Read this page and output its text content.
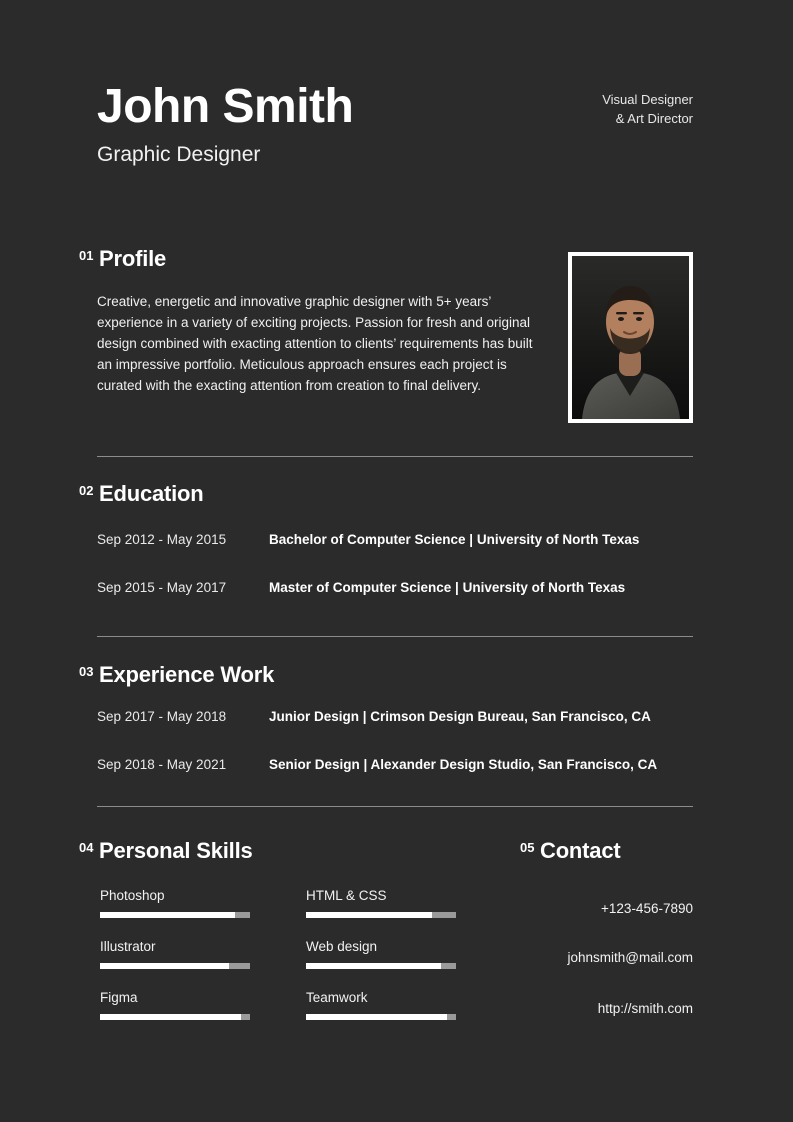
John Smith
Graphic Designer
Visual Designer
& Art Director
01 Profile
Creative, energetic and innovative graphic designer with 5+ years’ experience in a variety of exciting projects. Passion for fresh and original design combined with exacting attention to clients’ requirements has built an impressive portfolio. Meticulous approach ensures each project is curated with the exacting attention from creation to final delivery.
02 Education
Sep 2012 - May 2015	Bachelor of Computer Science | University of North Texas
Sep 2015 - May 2017	Master of Computer Science | University of North Texas
03 Experience Work
Sep 2017 - May 2018	Junior Design | Crimson Design Bureau, San Francisco, CA
Sep 2018 - May 2021	Senior Design | Alexander Design Studio, San Francisco, CA
04 Personal Skills	05 Contact
Photoshop
Illustrator
Figma
HTML & CSS
Web design
Teamwork
+123-456-7890
johnsmith@mail.com
http://smith.com
